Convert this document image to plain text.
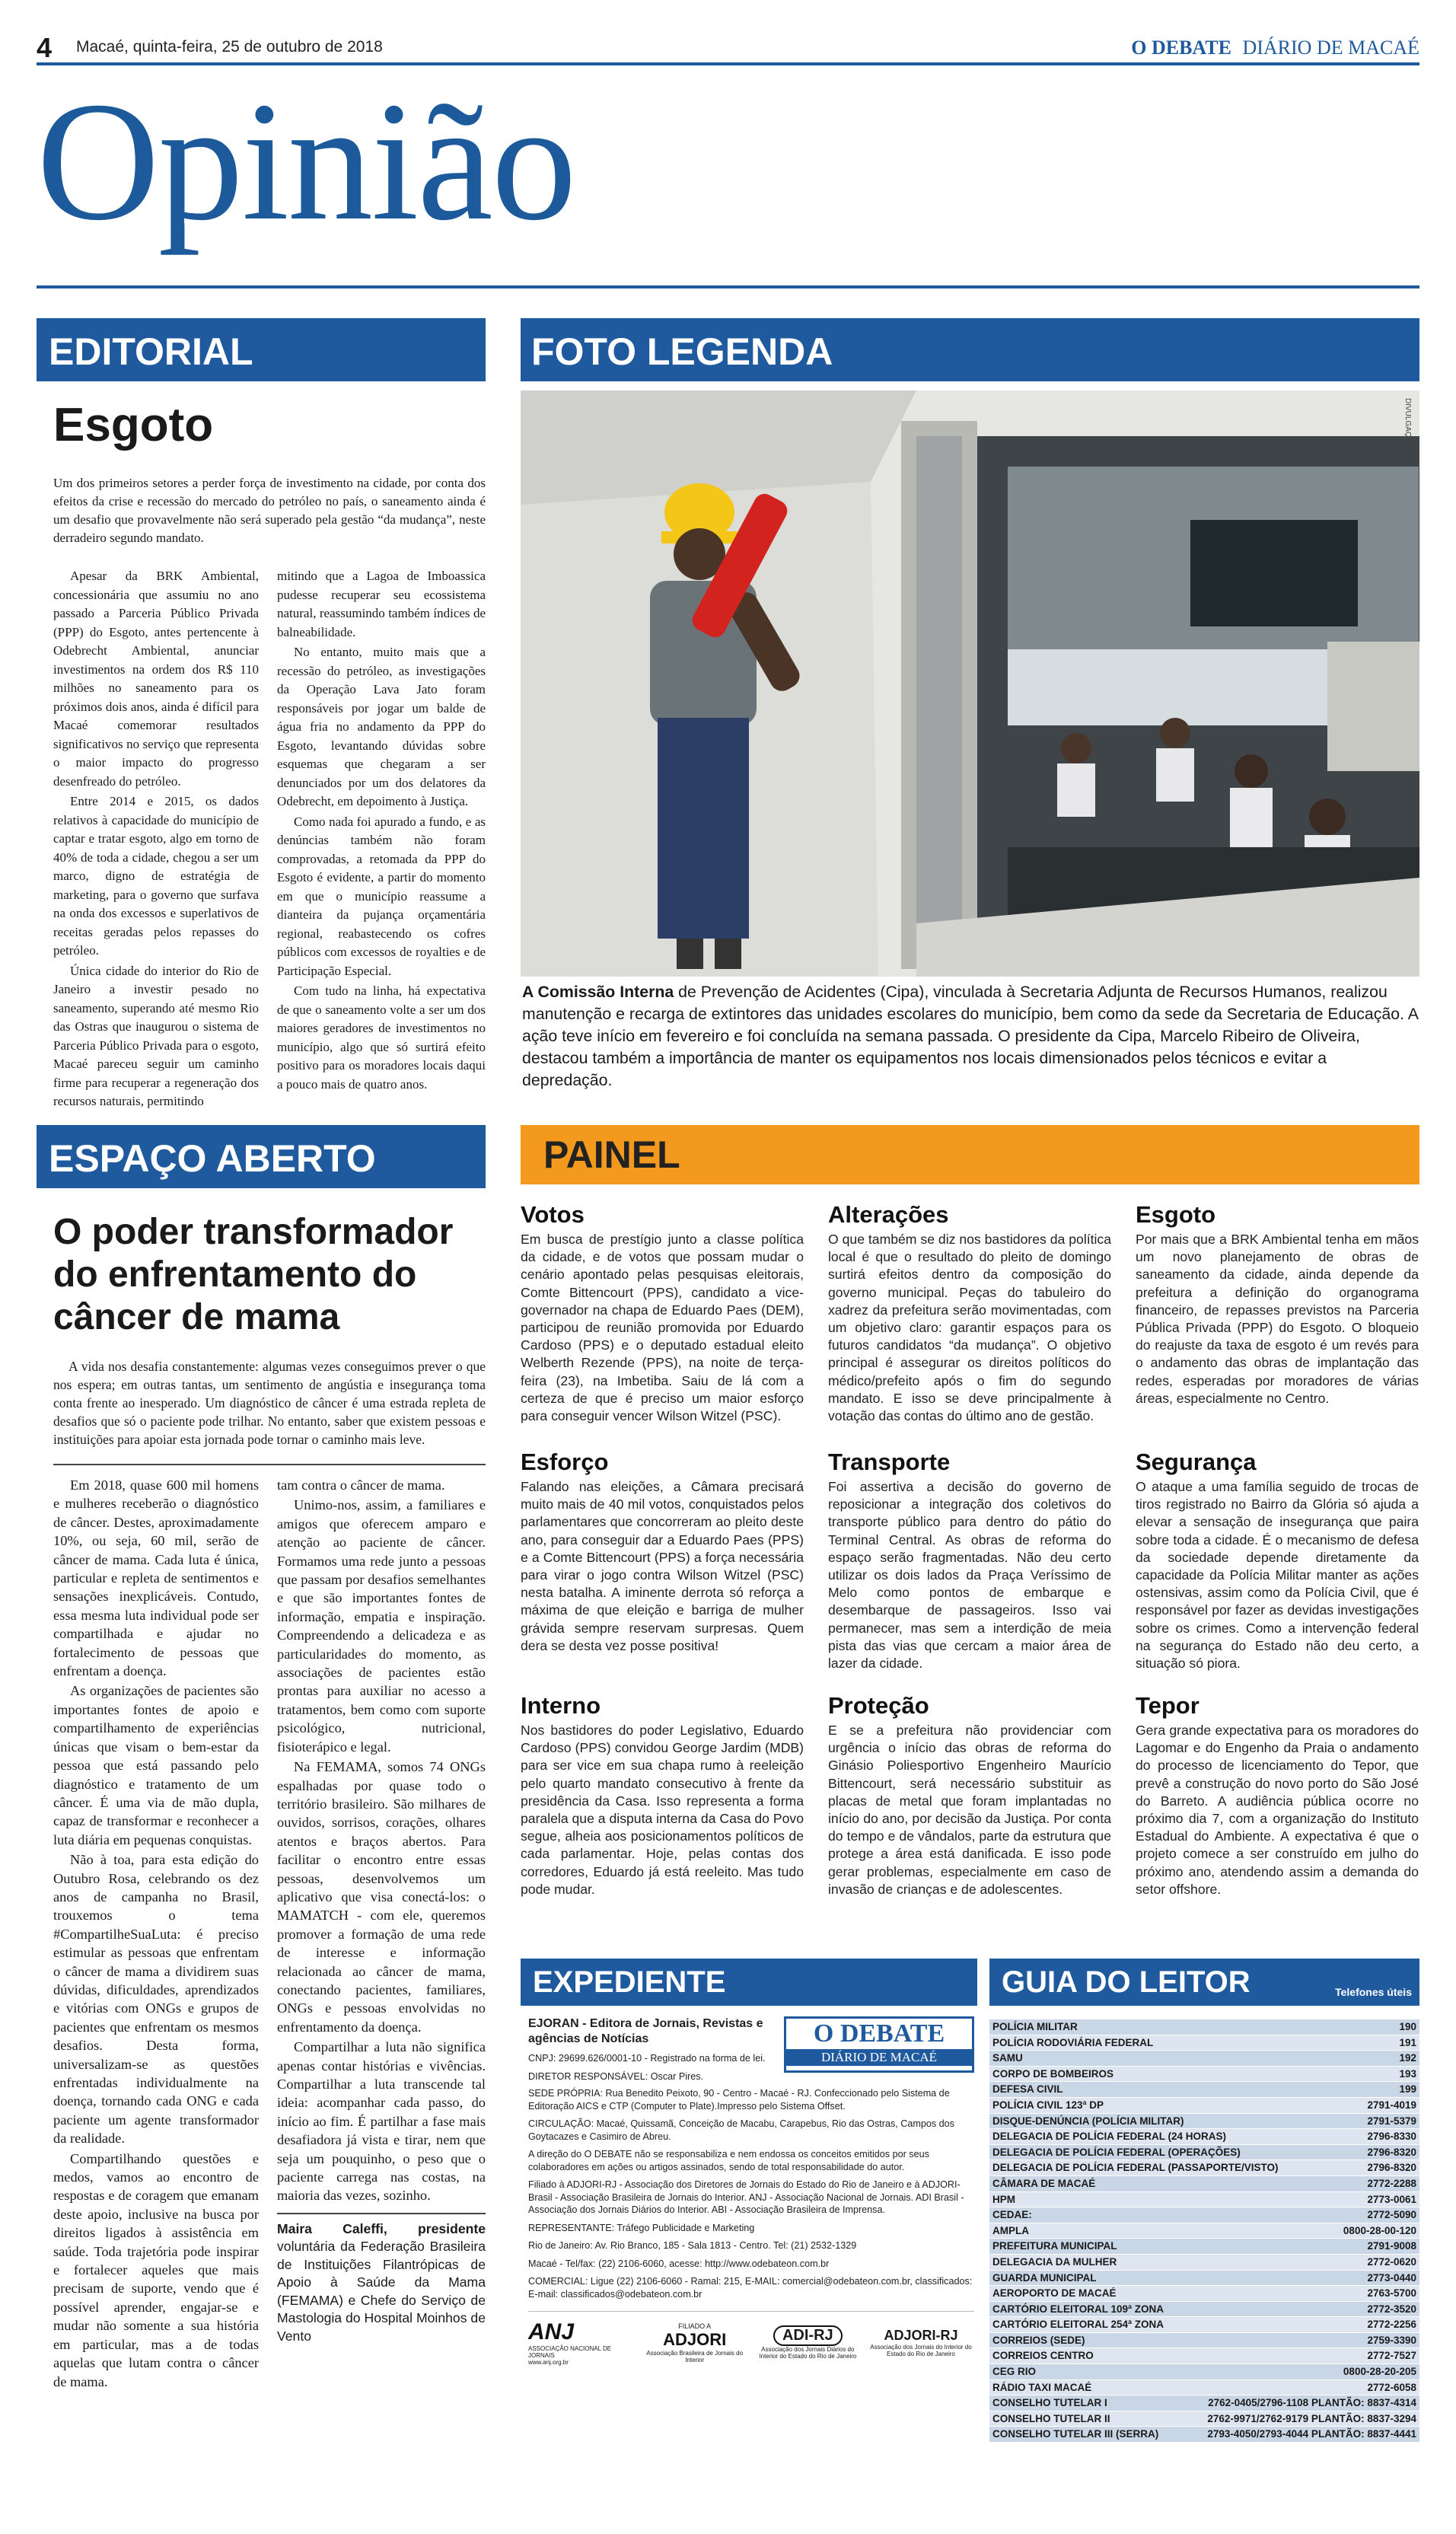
4 Macaé, quinta-feira, 25 de outubro de 2018	O DEBATE DIÁRIO DE MACAÉ
Opinião
EDITORIAL
Esgoto
Um dos primeiros setores a perder força de investimento na cidade, por conta dos efeitos da crise e recessão do mercado do petróleo no país, o saneamento ainda é um desafio que provavelmente não será superado pela gestão “da mudança”, neste derradeiro segundo mandato.

Apesar da BRK Ambiental, concessionária que assumiu no ano passado a Parceria Público Privada (PPP) do Esgoto, antes pertencente à Odebrecht Ambiental, anunciar investimentos na ordem dos R$ 110 milhões no saneamento para os próximos dois anos, ainda é difícil para Macaé comemorar resultados significativos no serviço que representa o maior impacto do progresso desenfreado do petróleo.

Entre 2014 e 2015, os dados relativos à capacidade do município de captar e tratar esgoto, algo em torno de 40% de toda a cidade, chegou a ser um marco, digno de estratégia de marketing, para o governo que surfava na onda dos excessos e superlativos de receitas geradas pelos repasses do petróleo.

Única cidade do interior do Rio de Janeiro a investir pesado no saneamento, superando até mesmo Rio das Ostras que inaugurou o sistema de Parceria Público Privada para o esgoto, Macaé pareceu seguir um caminho firme para recuperar a regeneração dos recursos naturais, permitindo

mitindo que a Lagoa de Imboassica pudesse recuperar seu ecossistema natural, reassumindo também índices de balneabilidade.

No entanto, muito mais que a recessão do petróleo, as investigações da Operação Lava Jato foram responsáveis por jogar um balde de água fria no andamento da PPP do Esgoto, levantando dúvidas sobre esquemas que chegaram a ser denunciados por um dos delatores da Odebrecht, em depoimento à Justiça.

Como nada foi apurado a fundo, e as denúncias também não foram comprovadas, a retomada da PPP do Esgoto é evidente, a partir do momento em que o município reassume a dianteira da pujança orçamentária regional, reabastecendo os cofres públicos com excessos de royalties e de Participação Especial.

Com tudo na linha, há expectativa de que o saneamento volte a ser um dos maiores geradores de investimentos no município, algo que só surtirá efeito positivo para os moradores locais daqui a pouco mais de quatro anos.

FOTO LEGENDA
DIVULGAÇÃO
A Comissão Interna de Prevenção de Acidentes (Cipa), vinculada à Secretaria Adjunta de Recursos Humanos, realizou manutenção e recarga de extintores das unidades escolares do município, bem como da sede da Secretaria de Educação. A ação teve início em fevereiro e foi concluída na semana passada. O presidente da Cipa, Marcelo Ribeiro de Oliveira, destacou também a importância de manter os equipamentos nos locais dimensionados pelos técnicos e evitar a depredação.
ESPAÇO ABERTO
O poder transformador do enfrentamento do câncer de mama
A vida nos desafia constantemente: algumas vezes conseguimos prever o que nos espera; em outras tantas, um sentimento de angústia e insegurança toma conta frente ao inesperado. Um diagnóstico de câncer é uma estrada repleta de desafios que só o paciente pode trilhar. No entanto, saber que existem pessoas e instituições para apoiar esta jornada pode tornar o caminho mais leve.

Em 2018, quase 600 mil homens e mulheres receberão o diagnóstico de câncer. Destes, aproximadamente 10%, ou seja, 60 mil, serão de câncer de mama. Cada luta é única, particular e repleta de sentimentos e sensações inexplicáveis. Contudo, essa mesma luta individual pode ser compartilhada e ajudar no fortalecimento de pessoas que enfrentam a doença.

As organizações de pacientes são importantes fontes de apoio e compartilhamento de experiências únicas que visam o bem-estar da pessoa que está passando pelo diagnóstico e tratamento de um câncer. É uma via de mão dupla, capaz de transformar e reconhecer a luta diária em pequenas conquistas.

Não à toa, para esta edição do Outubro Rosa, celebrando os dez anos de campanha no Brasil, trouxemos o tema #CompartilheSuaLuta: é preciso estimular as pessoas que enfrentam o câncer de mama a dividirem suas dúvidas, dificuldades, aprendizados e vitórias com ONGs e grupos de pacientes que enfrentam os mesmos desafios. Desta forma, universalizam-se as questões enfrentadas individualmente na doença, tornando cada ONG e cada paciente um agente transformador da realidade.

Compartilhando questões e medos, vamos ao encontro de respostas e de coragem que emanam deste apoio, inclusive na busca por direitos ligados à assistência em saúde. Toda trajetória pode inspirar e fortalecer aqueles que mais precisam de suporte, vendo que é possível aprender, engajar-se e mudar não somente a sua história em particular, mas a de todas aquelas que lutam contra o câncer de mama.

tam contra o câncer de mama.

Unimo-nos, assim, a familiares e amigos que oferecem amparo e atenção ao paciente de câncer. Formamos uma rede junto a pessoas que passam por desafios semelhantes e que são importantes fontes de informação, empatia e inspiração. Compreendendo a delicadeza e as particularidades do momento, as associações de pacientes estão prontas para auxiliar no acesso a tratamentos, bem como com suporte psicológico, nutricional, fisioterápico e legal.

Na FEMAMA, somos 74 ONGs espalhadas por quase todo o território brasileiro. São milhares de ouvidos, sorrisos, corações, olhares atentos e braços abertos. Para facilitar o encontro entre essas pessoas, desenvolvemos um aplicativo que visa conectá-los: o MAMATCH - com ele, queremos promover a formação de uma rede de interesse e informação relacionada ao câncer de mama, conectando pacientes, familiares, ONGs e pessoas envolvidas no enfrentamento da doença.

Compartilhar a luta não significa apenas contar histórias e vivências. Compartilhar a luta transcende tal ideia: acompanhar cada passo, do início ao fim. É partilhar a fase mais desafiadora já vista e tirar, nem que seja um pouquinho, o peso que o paciente carrega nas costas, na maioria das vezes, sozinho.

Maira Caleffi, presidente voluntária da Federação Brasileira de Instituições Filantrópicas de Apoio à Saúde da Mama (FEMAMA) e Chefe do Serviço de Mastologia do Hospital Moinhos de Vento
PAINEL
Votos

Em busca de prestígio junto a classe política da cidade, e de votos que possam mudar o cenário apontado pelas pesquisas eleitorais, Comte Bittencourt (PPS), candidato a vice-governador na chapa de Eduardo Paes (DEM), participou de reunião promovida por Eduardo Cardoso (PPS) e o deputado estadual eleito Welberth Rezende (PPS), na noite de terça-feira (23), na Imbetiba. Saiu de lá com a certeza de que é preciso um maior esforço para conseguir vencer Wilson Witzel (PSC).

Alterações

O que também se diz nos bastidores da política local é que o resultado do pleito de domingo surtirá efeitos dentro da composição do governo municipal. Peças do tabuleiro do xadrez da prefeitura serão movimentadas, com um objetivo claro: garantir espaços para os futuros candidatos “da mudança”. O objetivo principal é assegurar os direitos políticos do médico/prefeito após o fim do segundo mandato. E isso se deve principalmente à votação das contas do último ano de gestão.

Esgoto

Por mais que a BRK Ambiental tenha em mãos um novo planejamento de obras de saneamento da cidade, ainda depende da prefeitura a definição do organograma financeiro, de repasses previstos na Parceria Pública Privada (PPP) do Esgoto. O bloqueio do reajuste da taxa de esgoto é um revés para o andamento das obras de implantação das redes, esperadas por moradores de várias áreas, especialmente no Centro.

Esforço

Falando nas eleições, a Câmara precisará muito mais de 40 mil votos, conquistados pelos parlamentares que concorreram ao pleito deste ano, para conseguir dar a Eduardo Paes (PPS) e a Comte Bittencourt (PPS) a força necessária para virar o jogo contra Wilson Witzel (PSC) nesta batalha. A iminente derrota só reforça a máxima de que eleição e barriga de mulher grávida sempre reservam surpresas. Quem dera se desta vez posse positiva!

Transporte

Foi assertiva a decisão do governo de reposicionar a integração dos coletivos do transporte público para dentro do pátio do Terminal Central. As obras de reforma do espaço serão fragmentadas. Não deu certo utilizar os dois lados da Praça Veríssimo de Melo como pontos de embarque e desembarque de passageiros. Isso vai permanecer, mas sem a interdição de meia pista das vias que cercam a maior área de lazer da cidade.

Segurança

O ataque a uma família seguido de trocas de tiros registrado no Bairro da Glória só ajuda a elevar a sensação de insegurança que paira sobre toda a cidade. É o mecanismo de defesa da sociedade depende diretamente da capacidade da Polícia Militar manter as ações ostensivas, assim como da Polícia Civil, que é responsável por fazer as devidas investigações sobre os crimes. Como a intervenção federal na segurança do Estado não deu certo, a situação só piora.

Interno

Nos bastidores do poder Legislativo, Eduardo Cardoso (PPS) convidou George Jardim (MDB) para ser vice em sua chapa rumo à reeleição pelo quarto mandato consecutivo à frente da presidência da Casa. Isso representa a forma paralela que a disputa interna da Casa do Povo segue, alheia aos posicionamentos políticos de cada parlamentar. Hoje, pelas contas dos corredores, Eduardo já está reeleito. Mas tudo pode mudar.

Proteção

E se a prefeitura não providenciar com urgência o início das obras de reforma do Ginásio Poliesportivo Engenheiro Maurício Bittencourt, será necessário substituir as placas de metal que foram implantadas no início do ano, por decisão da Justiça. Por conta do tempo e de vândalos, parte da estrutura que protege a área está danificada. E isso pode gerar problemas, especialmente em caso de invasão de crianças e de adolescentes.

Tepor

Gera grande expectativa para os moradores do Lagomar e do Engenho da Praia o andamento do processo de licenciamento do Tepor, que prevê a construção do novo porto do São José do Barreto. A audiência pública ocorre no próximo dia 7, com a organização do Instituto Estadual do Ambiente. A expectativa é que o projeto comece a ser construído em julho do próximo ano, atendendo assim a demanda do setor offshore.

EXPEDIENTE

EJORAN - Editora de Jornais, Revistas e agências de Notícias

CNPJ: 29699.626/0001-10 - Registrado na forma de lei.

DIRETOR RESPONSÁVEL: Oscar Pires.

O DEBATE
DIÁRIO DE MACAÉ

SEDE PRÓPRIA: Rua Benedito Peixoto, 90 - Centro - Macaé - RJ. Confeccionado pelo Sistema de Editoração AICS e CTP (Computer to Plate).Impresso pelo Sistema Offset.

CIRCULAÇÃO: Macaé, Quissamã, Conceição de Macabu, Carapebus, Rio das Ostras, Campos dos Goytacazes e Casimiro de Abreu.

A direção do O DEBATE não se responsabiliza e nem endossa os conceitos emitidos por seus colaboradores em ações ou artigos assinados, sendo de total responsabilidade do autor.

Filiado à ADJORI-RJ - Associação dos Diretores de Jornais do Estado do Rio de Janeiro e à ADJORI-Brasil - Associação Brasileira de Jornais do Interior. ANJ - Associação Nacional de Jornais. ADI Brasil - Associação dos Jornais Diários do Interior. ABI - Associação Brasileira de Imprensa.

REPRESENTANTE: Tráfego Publicidade e Marketing

Rio de Janeiro: Av. Rio Branco, 185 - Sala 1813 - Centro. Tel: (21) 2532-1329

Macaé - Tel/fax: (22) 2106-6060, acesse: http://www.odebateon.com.br

COMERCIAL: Ligue (22) 2106-6060 - Ramal: 215, E-MAIL: comercial@odebateon.com.br, classificados: E-mail: classificados@odebateon.com.br

ANJ
ASSOCIAÇÃO NACIONAL DE JORNAIS
www.anj.org.br
FILIADO A
ADJORI
Associação Brasileira de Jornais do Interior
ADI-RJ
Associação dos Jornais Diários do Interior do Estado do Rio de Janeiro
ADJORI-RJ
Associação dos Jornais do Interior do Estado do Rio de Janeiro
GUIA DO LEITOR	Telefones úteis
POLÍCIA MILITAR	190
POLÍCIA RODOVIÁRIA FEDERAL	191
SAMU	192
CORPO DE BOMBEIROS	193
DEFESA CIVIL	199
POLÍCIA CIVIL 123ª DP	2791-4019
DISQUE-DENÚNCIA (POLÍCIA MILITAR)	2791-5379
DELEGACIA DE POLÍCIA FEDERAL (24 HORAS)	2796-8330
DELEGACIA DE POLÍCIA FEDERAL (OPERAÇÕES)	2796-8320
DELEGACIA DE POLÍCIA FEDERAL (PASSAPORTE/VISTO)	2796-8320
CÂMARA DE MACAÉ	2772-2288
HPM	2773-0061
CEDAE:	2772-5090
AMPLA	0800-28-00-120
PREFEITURA MUNICIPAL	2791-9008
DELEGACIA DA MULHER	2772-0620
GUARDA MUNICIPAL	2773-0440
AEROPORTO DE MACAÉ	2763-5700
CARTÓRIO ELEITORAL 109ª ZONA	2772-3520
CARTÓRIO ELEITORAL 254ª ZONA	2772-2256
CORREIOS (SEDE)	2759-3390
CORREIOS CENTRO	2772-7527
CEG RIO	0800-28-20-205
RÁDIO TAXI MACAÉ	2772-6058
CONSELHO TUTELAR I	2762-0405/2796-1108 PLANTÃO: 8837-4314
CONSELHO TUTELAR II	2762-9971/2762-9179 PLANTÃO: 8837-3294
CONSELHO TUTELAR III (SERRA)	2793-4050/2793-4044 PLANTÃO: 8837-4441
